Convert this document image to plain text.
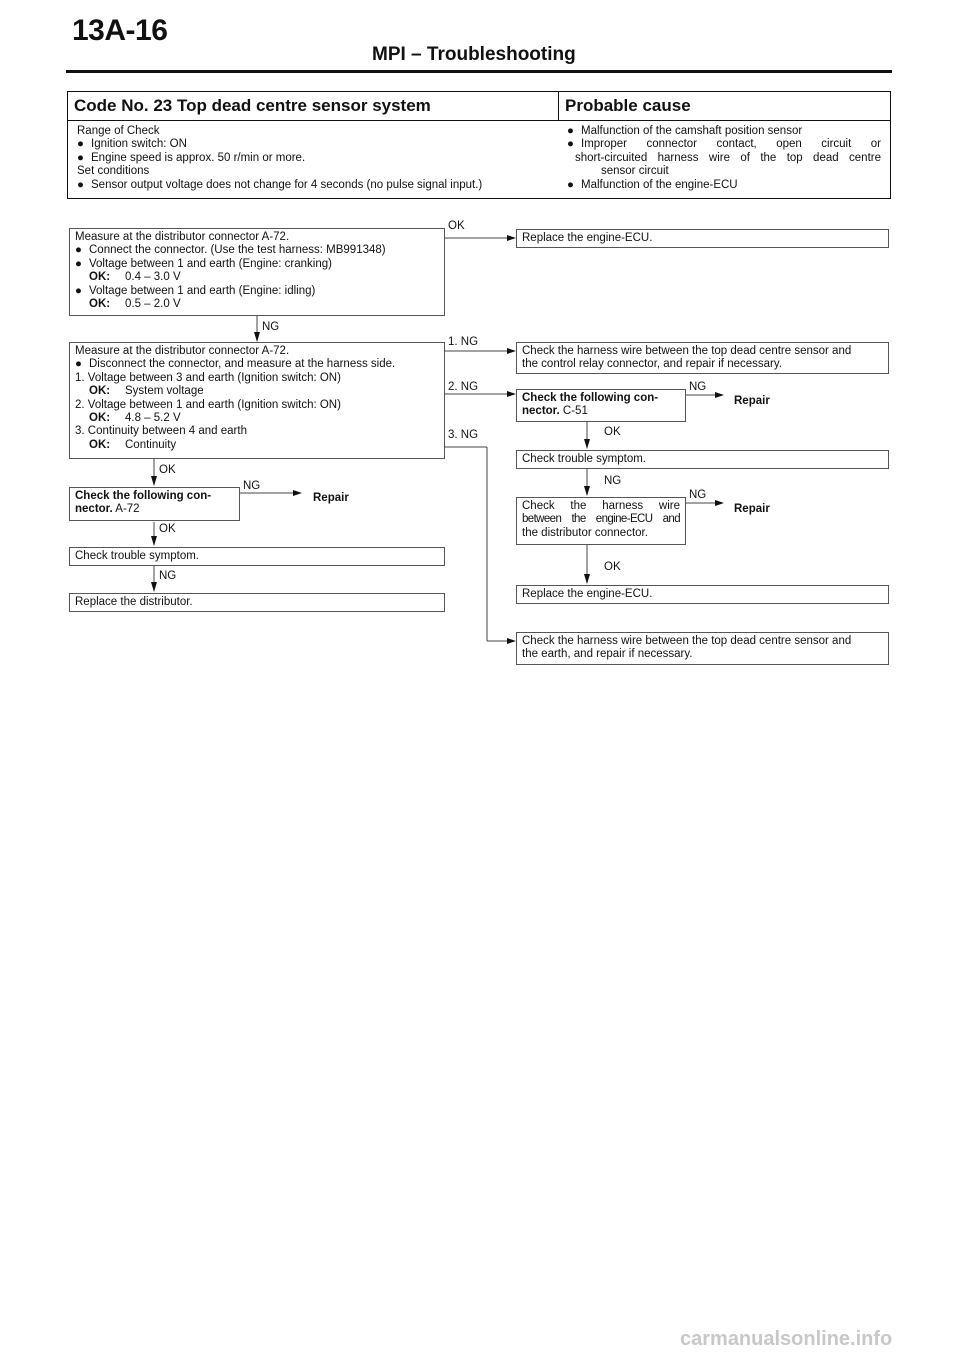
13A-16
MPI – Troubleshooting
Code No. 23 Top dead centre sensor system	Probable cause
Range of Check
● Ignition switch: ON
● Engine speed is approx. 50 r/min or more.
Set conditions
● Sensor output voltage does not change for 4 seconds (no pulse signal input.)
● Malfunction of the camshaft position sensor
● Improper connector contact, open circuit or
short-circuited harness wire of the top dead centre
sensor circuit
● Malfunction of the engine-ECU
Measure at the distributor connector A-72.
● Connect the connector. (Use the test harness: MB991348)
● Voltage between 1 and earth (Engine: cranking)
OK: 0.4 – 3.0 V
● Voltage between 1 and earth (Engine: idling)
OK: 0.5 – 2.0 V
OK
Replace the engine-ECU.
NG
Measure at the distributor connector A-72.
● Disconnect the connector, and measure at the harness side.
1. Voltage between 3 and earth (Ignition switch: ON)
OK: System voltage
2. Voltage between 1 and earth (Ignition switch: ON)
OK: 4.8 – 5.2 V
3. Continuity between 4 and earth
OK: Continuity
1. NG
2. NG
3. NG
Check the harness wire between the top dead centre sensor and
the control relay connector, and repair if necessary.
Check the following con-
nector. C-51
NG
Repair
OK
Check trouble symptom.
NG
Check the harness wire
between the engine-ECU and
the distributor connector.
NG
Repair
OK
Replace the engine-ECU.
Check the harness wire between the top dead centre sensor and
the earth, and repair if necessary.
OK
Check the following con-
nector. A-72
NG
Repair
OK
Check trouble symptom.
NG
Replace the distributor.
carmanualsonline.info
